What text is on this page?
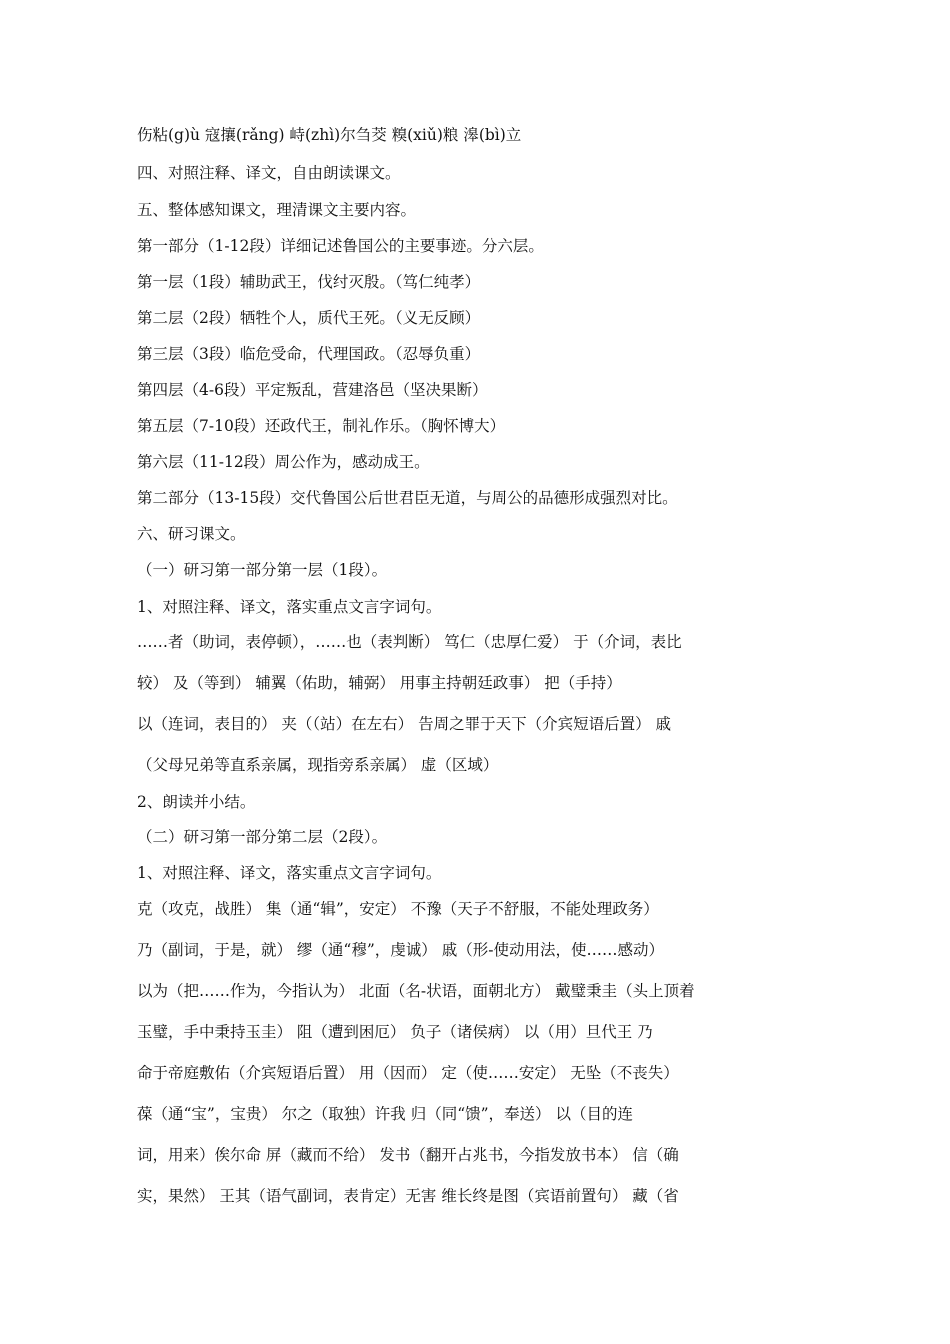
伤粘(g)ù 寇攘(rǎng) 峙(zhì)尔刍茭 糗(xiǔ)粮 滜(bì)立
四、对照注释、译文，自由朗读课文。
五、整体感知课文，理清课文主要内容。
第一部分（1-12段）详细记述鲁国公的主要事迹。分六层。
第一层（1段）辅助武王，伐纣灭殷。（笃仁纯孝）
第二层（2段）牺牲个人，质代王死。（义无反顾）
第三层（3段）临危受命，代理国政。（忍辱负重）
第四层（4-6段）平定叛乱，营建洛邑（坚决果断）
第五层（7-10段）还政代王，制礼作乐。（胸怀博大）
第六层（11-12段）周公作为，感动成王。
第二部分（13-15段）交代鲁国公后世君臣无道，与周公的品德形成强烈对比。
六、研习课文。
（一）研习第一部分第一层（1段）。
1、对照注释、译文，落实重点文言字词句。
……者（助词，表停顿），……也（表判断） 笃仁（忠厚仁爱） 于（介词，表比
较） 及（等到） 辅翼（佑助，辅弼） 用事主持朝廷政事） 把（手持）
以（连词，表目的） 夹（（站）在左右） 告周之罪于天下（介宾短语后置） 戚
（父母兄弟等直系亲属，现指旁系亲属） 虚（区域）
2、朗读并小结。
（二）研习第一部分第二层（2段）。
1、对照注释、译文，落实重点文言字词句。
克（攻克，战胜） 集（通“辑”，安定） 不豫（天子不舒服，不能处理政务）
乃（副词，于是，就） 缪（通“穆”，虔诚） 戚（形-使动用法，使……感动）
以为（把……作为，今指认为） 北面（名-状语，面朝北方） 戴璧秉圭（头上顶着
玉璧，手中秉持玉圭） 阻（遭到困厄） 负子（诸侯病） 以（用）旦代王 乃
命于帝庭敷佑（介宾短语后置） 用（因而） 定（使……安定） 无坠（不丧失）
葆（通“宝”，宝贵） 尔之（取独）许我 归（同“馈”，奉送） 以（目的连
词，用来）俟尔命 屏（藏而不给） 发书（翻开占兆书，今指发放书本） 信（确
实，果然） 王其（语气副词，表肯定）无害 维长终是图（宾语前置句） 藏（省
